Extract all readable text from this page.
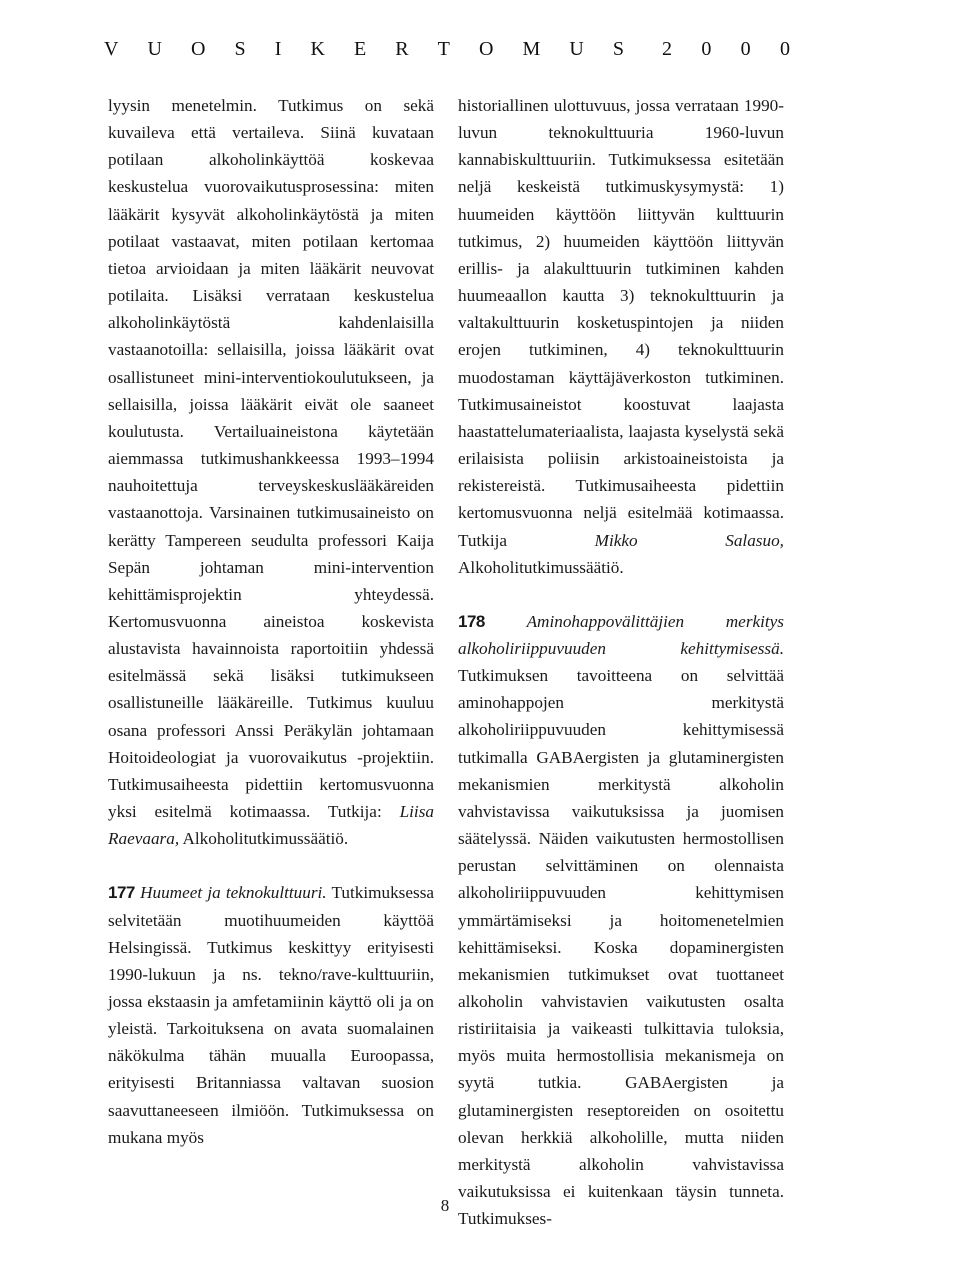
V U O S I K E R T O M U S 2 0 0 0

lyysin menetelmin. Tutkimus on sekä kuvaileva että vertaileva. Siinä kuvataan potilaan alkoholinkäyttöä koskevaa keskustelua vuorovaikutusprosessina: miten lääkärit kysyvät alkoholinkäytöstä ja miten potilaat vastaavat, miten potilaan kertomaa tietoa arvioidaan ja miten lääkärit neuvovat potilaita. Lisäksi verrataan keskustelua alkoholinkäytöstä kahdenlaisilla vastaanotoilla: sellaisilla, joissa lääkärit ovat osallistuneet mini-interventiokoulutukseen, ja sellaisilla, joissa lääkärit eivät ole saaneet koulutusta. Vertailuaineistona käytetään aiemmassa tutkimushankkeessa 1993–1994 nauhoitettuja terveyskeskuslääkäreiden vastaanottoja. Varsinainen tutkimusaineisto on kerätty Tampereen seudulta professori Kaija Sepän johtaman mini-intervention kehittämisprojektin yhteydessä. Kertomusvuonna aineistoa koskevista alustavista havainnoista raportoitiin yhdessä esitelmässä sekä lisäksi tutkimukseen osallistuneille lääkäreille. Tutkimus kuuluu osana professori Anssi Peräkylän johtamaan Hoitoideologiat ja vuorovaikutus -projektiin. Tutkimusaiheesta pidettiin kertomusvuonna yksi esitelmä kotimaassa. Tutkija: Liisa Raevaara, Alkoholitutkimussäätiö.

177 Huumeet ja teknokulttuuri. Tutkimuksessa selvitetään muotihuumeiden käyttöä Helsingissä. Tutkimus keskittyy erityisesti 1990-lukuun ja ns. tekno/rave-kulttuuriin, jossa ekstaasin ja amfetamiinin käyttö oli ja on yleistä. Tarkoituksena on avata suomalainen näkökulma tähän muualla Euroopassa, erityisesti Britanniassa valtavan suosion saavuttaneeseen ilmiöön. Tutkimuksessa on mukana myös

historiallinen ulottuvuus, jossa verrataan 1990-luvun teknokulttuuria 1960-luvun kannabiskulttuuriin. Tutkimuksessa esitetään neljä keskeistä tutkimuskysymystä: 1) huumeiden käyttöön liittyvän kulttuurin tutkimus, 2) huumeiden käyttöön liittyvän erillis- ja alakulttuurin tutkiminen kahden huumeaallon kautta 3) teknokulttuurin ja valtakulttuurin kosketuspintojen ja niiden erojen tutkiminen, 4) teknokulttuurin muodostaman käyttäjäverkoston tutkiminen. Tutkimusaineistot koostuvat laajasta haastattelumateriaalista, laajasta kyselystä sekä erilaisista poliisin arkistoaineistoista ja rekistereistä. Tutkimusaiheesta pidettiin kertomusvuonna neljä esitelmää kotimaassa. Tutkija Mikko Salasuo, Alkoholitutkimussäätiö.

178 Aminohappovälittäjien merkitys alkoholiriippuvuuden kehittymisessä. Tutkimuksen tavoitteena on selvittää aminohappojen merkitystä alkoholiriippuvuuden kehittymisessä tutkimalla GABAergisten ja glutaminergisten mekanismien merkitystä alkoholin vahvistavissa vaikutuksissa ja juomisen säätelyssä. Näiden vaikutusten hermostollisen perustan selvittäminen on olennaista alkoholiriippuvuuden kehittymisen ymmärtämiseksi ja hoitomenetelmien kehittämiseksi. Koska dopaminergisten mekanismien tutkimukset ovat tuottaneet alkoholin vahvistavien vaikutusten osalta ristiriitaisia ja vaikeasti tulkittavia tuloksia, myös muita hermostollisia mekanismeja on syytä tutkia. GABAergisten ja glutaminergisten reseptoreiden on osoitettu olevan herkkiä alkoholille, mutta niiden merkitystä alkoholin vahvistavissa vaikutuksissa ei kuitenkaan täysin tunneta. Tutkimukses-

8
